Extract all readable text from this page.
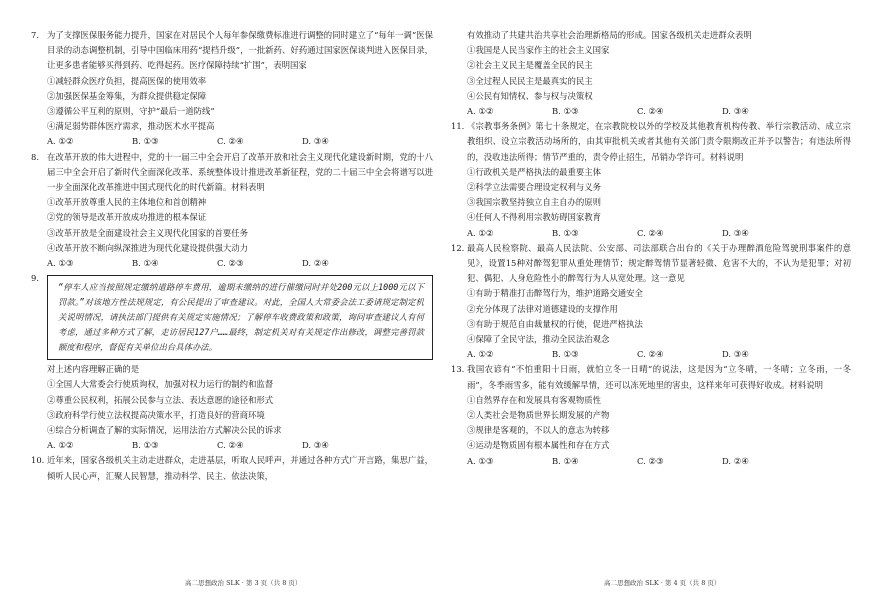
7. 为了支撑医保服务能力提升，国家在对居民个人每年参保缴费标准进行调整的同时建立了“每年一调”医保目录的动态调整机制，引导中国临床用药“提档升级”，一批新药、好药通过国家医保谈判进入医保目录，让更多患者能够买得到药、吃得起药。医疗保障持续“扩围”，表明国家
①减轻群众医疗负担，提高医保的使用效率
②加强医保基金筹集，为群众提供稳定保障
③遵循公平互利的原则，守护“最后一道防线”
④满足弱势群体医疗需求，推动医术水平提高
A. ①②	B. ①③	C. ②④	D. ③④
8. 在改革开放的伟大进程中，党的十一届三中全会开启了改革开放和社会主义现代化建设新时期，党的十八届三中全会开启了新时代全面深化改革、系统整体设计推进改革新征程，党的二十届三中全会将谱写以进一步全面深化改革推进中国式现代化的时代新篇。材料表明
①改革开放尊重人民的主体地位和首创精神
②党的领导是改革开放成功推进的根本保证
③改革开放是全面建设社会主义现代化国家的首要任务
④改革开放不断向纵深推进为现代化建设提供强大动力
A. ①③	B. ①④	C. ②③	D. ②④
9.
“停车人应当按照规定缴纳道路停车费用，逾期未缴纳的进行催缴同时并处200元以上1000元以下罚款。”对该地方性法规规定，有公民提出了审查建议。对此，全国人大常委会法工委请规定制定机关说明情况，请执法部门提供有关规定实施情况；了解停车收费政策和政策，询问审查建议人有何考虑，通过多种方式了解，走访居民127户……最终，制定机关对有关规定作出修改，调整完善罚款额度和程序，督促有关单位出台具体办法。
对上述内容理解正确的是
①全国人大常委会行使质询权，加强对权力运行的制约和监督
②尊重公民权利，拓展公民参与立法、表达意愿的途径和形式
③政府科学行使立法权提高决策水平，打造良好的营商环境
④综合分析调查了解的实际情况，运用法治方式解决公民的诉求
A. ①②	B. ①③	C. ②④	D. ③④
10. 近年来，国家各级机关主动走进群众，走进基层，听取人民呼声，并通过各种方式广开言路，集思广益，倾听人民心声，汇聚人民智慧，推动科学、民主、依法决策，
有效推动了共建共治共享社会治理新格局的形成。国家各级机关走进群众表明
①我国是人民当家作主的社会主义国家
②社会主义民主是覆盖全民的民主
③全过程人民民主是最真实的民主
④公民有知情权、参与权与决策权
A. ①②	B. ①③	C. ②④	D. ③④
11. 《宗教事务条例》第七十条规定，在宗教院校以外的学校及其他教育机构传教、举行宗教活动、成立宗教组织、设立宗教活动场所的，由其审批机关或者其他有关部门责令限期改正并予以警告；有违法所得的，没收违法所得；情节严重的，责令停止招生，吊销办学许可。材料说明
①行政机关是严格执法的最重要主体
②科学立法需要合理设定权利与义务
③我国宗教坚持独立自主自办的原则
④任何人不得利用宗教妨碍国家教育
A. ①②	B. ①③	C. ②④	D. ③④
12. 最高人民检察院、最高人民法院、公安部、司法部联合出台的《关于办理醉酒危险驾驶刑事案件的意见》，设置15种对醉驾犯罪从重处理情节；规定醉驾情节显著轻微、危害不大的，不认为是犯罪；对初犯、偶犯、人身危险性小的醉驾行为人从宽处理。这一意见
①有助于精准打击醉驾行为，维护道路交通安全
②充分体现了法律对道德建设的支撑作用
③有助于规范自由裁量权的行使，促进严格执法
④保障了全民守法，推动全民法治观念
A. ①②	B. ①③	C. ②④	D. ③④
13. 我国农谚有“不怕重阳十日雨，就怕立冬一日晴”的说法，这是因为“立冬晴，一冬晴；立冬雨，一冬雨”，冬季雨雪多，能有效缓解旱情，还可以冻死地里的害虫，这样来年可获得好收成。材料说明
①自然界存在和发展具有客观物质性
②人类社会是物质世界长期发展的产物
③规律是客观的，不以人的意志为转移
④运动是物质固有根本属性和存在方式
A. ①③	B. ①④	C. ②③	D. ②④
高二思想政治 SLK · 第 3 页（共 8 页）	高二思想政治 SLK · 第 4 页（共 8 页）
